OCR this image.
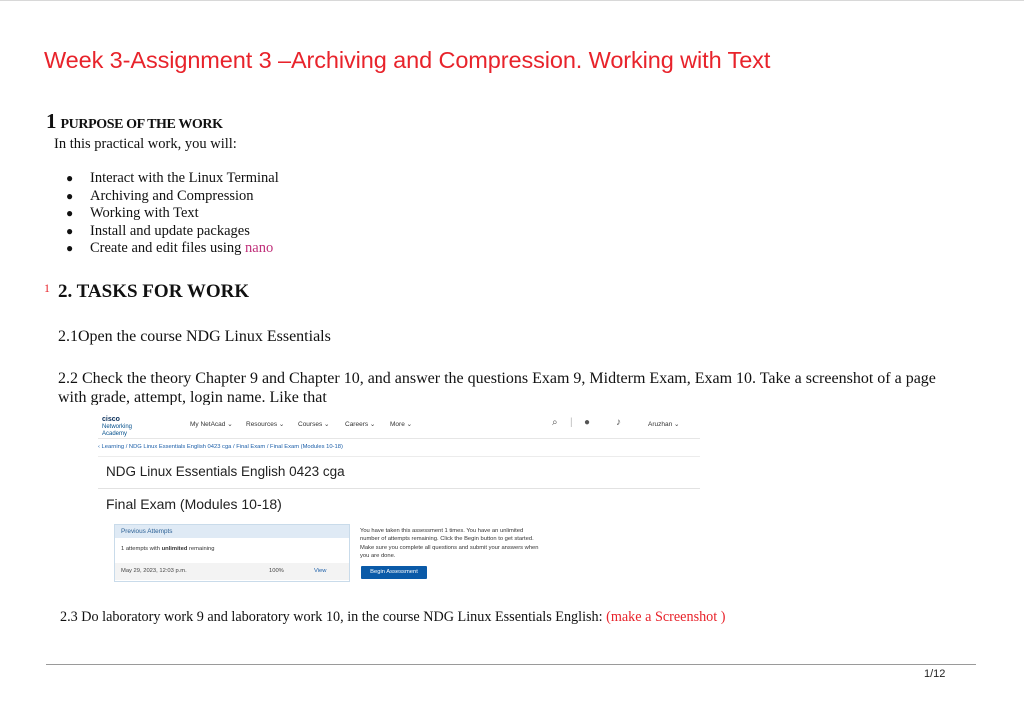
Week 3-Assignment 3 –Archiving and Compression. Working with Text
1 PURPOSE OF THE WORK
In this practical work, you will:
● Interact with the Linux Terminal
● Archiving and Compression
● Working with Text
● Install and update packages
● Create and edit files using nano
1 2. TASKS FOR WORK
2.1Open the course NDG Linux Essentials
2.2 Check the theory Chapter 9 and Chapter 10, and answer the questions Exam 9, Midterm Exam, Exam 10. Take a screenshot of a page with grade, attempt, login name. Like that
cisco
Networking
Academy
My NetAcad ⌄ Resources ⌄ Courses ⌄ Careers ⌄ More ⌄	⌕ | ●	♪	Aruzhan ⌄
‹ Learning / NDG Linux Essentials English 0423 cga / Final Exam / Final Exam (Modules 10-18)
NDG Linux Essentials English 0423 cga
Final Exam (Modules 10-18)
Previous Attempts
1 attempts with unlimited remaining
May 29, 2023, 12:03 p.m.	100%	View
You have taken this assessment 1 times. You have an unlimited number of attempts remaining. Click the Begin button to get started. Make sure you complete all questions and submit your answers when you are done.
Begin Assessment
2.3 Do laboratory work 9 and laboratory work 10, in the course NDG Linux Essentials English: (make a Screenshot )
1/12
